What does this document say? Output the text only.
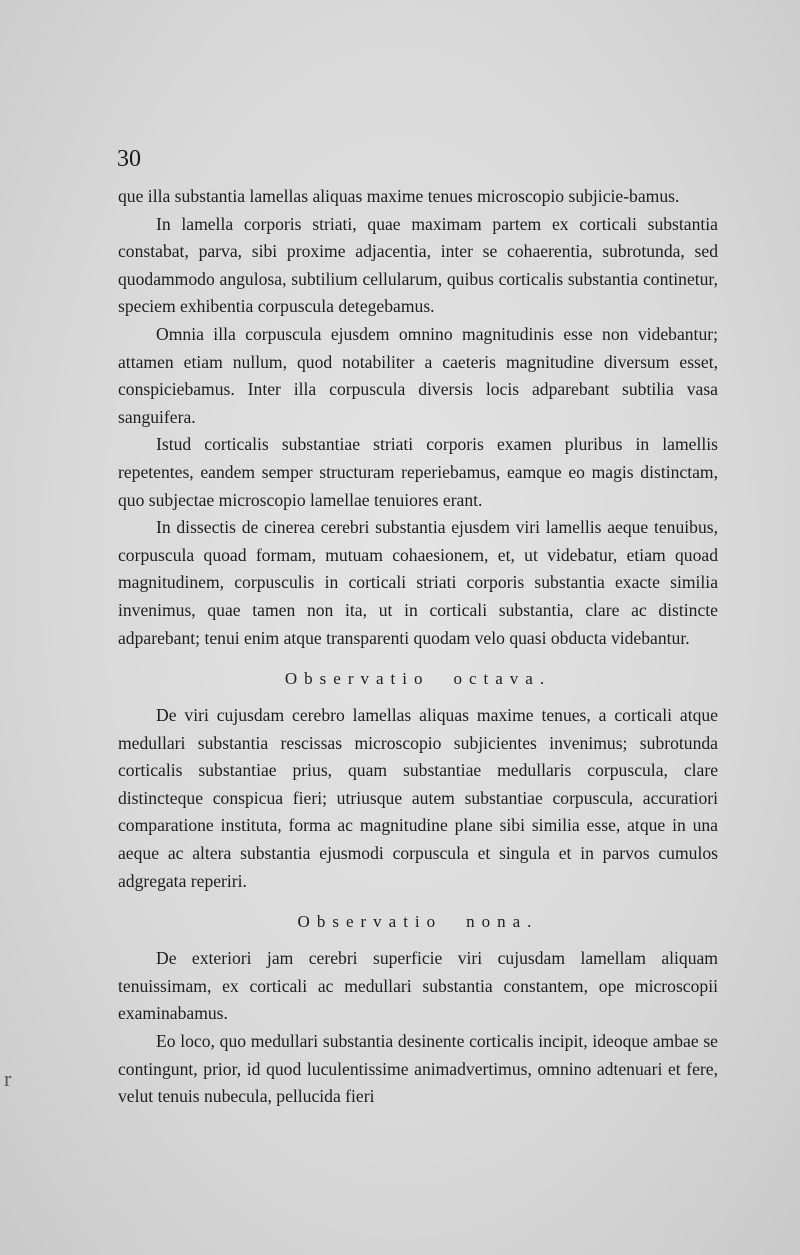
30

que illa substantia lamellas aliquas maxime tenues microscopio subjicie-bamus.

In lamella corporis striati, quae maximam partem ex corticali substantia constabat, parva, sibi proxime adjacentia, inter se cohaerentia, subrotunda, sed quodammodo angulosa, subtilium cellularum, quibus corticalis substantia continetur, speciem exhibentia corpuscula detegebamus.

Omnia illa corpuscula ejusdem omnino magnitudinis esse non videbantur; attamen etiam nullum, quod notabiliter a caeteris magnitudine diversum esset, conspiciebamus. Inter illa corpuscula diversis locis adparebant subtilia vasa sanguifera.

Istud corticalis substantiae striati corporis examen pluribus in lamellis repetentes, eandem semper structuram reperiebamus, eamque eo magis distinctam, quo subjectae microscopio lamellae tenuiores erant.

In dissectis de cinerea cerebri substantia ejusdem viri lamellis aeque tenuibus, corpuscula quoad formam, mutuam cohaesionem, et, ut videbatur, etiam quoad magnitudinem, corpusculis in corticali striati corporis substantia exacte similia invenimus, quae tamen non ita, ut in corticali substantia, clare ac distincte adparebant; tenui enim atque transparenti quodam velo quasi obducta videbantur.

Observatio octava.

De viri cujusdam cerebro lamellas aliquas maxime tenues, a corticali atque medullari substantia rescissas microscopio subjicientes invenimus; subrotunda corticalis substantiae prius, quam substantiae medullaris corpuscula, clare distincteque conspicua fieri; utriusque autem substantiae corpuscula, accuratiori comparatione instituta, forma ac magnitudine plane sibi similia esse, atque in una aeque ac altera substantia ejusmodi corpuscula et singula et in parvos cumulos adgregata reperiri.

Observatio nona.

De exteriori jam cerebri superficie viri cujusdam lamellam aliquam tenuissimam, ex corticali ac medullari substantia constantem, ope microscopii examinabamus.

Eo loco, quo medullari substantia desinente corticalis incipit, ideoque ambae se contingunt, prior, id quod luculentissime animadvertimus, omnino adtenuari et fere, velut tenuis nubecula, pellucida fieri

r
